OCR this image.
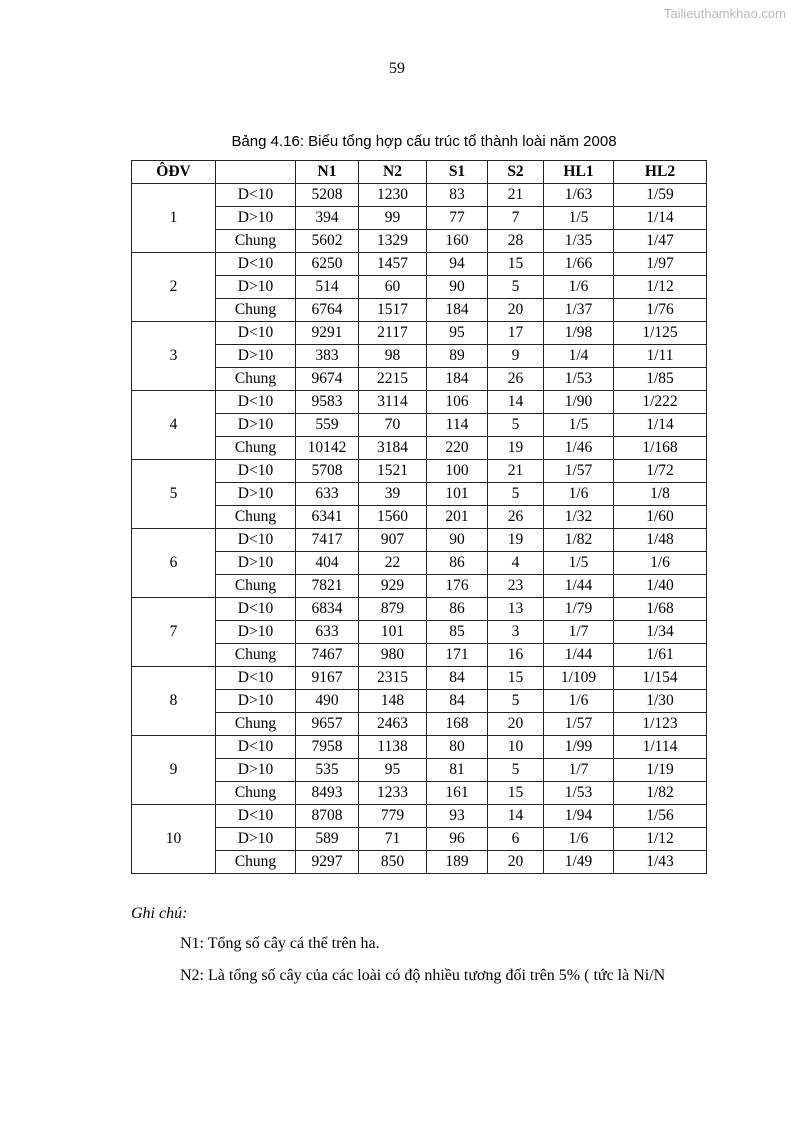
Tailieuthamkhao.com
59
Bảng 4.16: Biểu tổng hợp cấu trúc tổ thành loài năm 2008
ÔĐV		N1	N2	S1	S2	HL1	HL2
1	D<10	5208	1230	83	21	1/63	1/59
	D>10	394	99	77	7	1/5	1/14
	Chung	5602	1329	160	28	1/35	1/47
2	D<10	6250	1457	94	15	1/66	1/97
	D>10	514	60	90	5	1/6	1/12
	Chung	6764	1517	184	20	1/37	1/76
3	D<10	9291	2117	95	17	1/98	1/125
	D>10	383	98	89	9	1/4	1/11
	Chung	9674	2215	184	26	1/53	1/85
4	D<10	9583	3114	106	14	1/90	1/222
	D>10	559	70	114	5	1/5	1/14
	Chung	10142	3184	220	19	1/46	1/168
5	D<10	5708	1521	100	21	1/57	1/72
	D>10	633	39	101	5	1/6	1/8
	Chung	6341	1560	201	26	1/32	1/60
6	D<10	7417	907	90	19	1/82	1/48
	D>10	404	22	86	4	1/5	1/6
	Chung	7821	929	176	23	1/44	1/40
7	D<10	6834	879	86	13	1/79	1/68
	D>10	633	101	85	3	1/7	1/34
	Chung	7467	980	171	16	1/44	1/61
8	D<10	9167	2315	84	15	1/109	1/154
	D>10	490	148	84	5	1/6	1/30
	Chung	9657	2463	168	20	1/57	1/123
9	D<10	7958	1138	80	10	1/99	1/114
	D>10	535	95	81	5	1/7	1/19
	Chung	8493	1233	161	15	1/53	1/82
10	D<10	8708	779	93	14	1/94	1/56
	D>10	589	71	96	6	1/6	1/12
	Chung	9297	850	189	20	1/49	1/43
Ghi chú:
N1: Tổng số cây cá thể trên ha.
N2: Là tổng số cây của các loài có độ nhiều tương đối trên 5% ( tức là Ni/N
